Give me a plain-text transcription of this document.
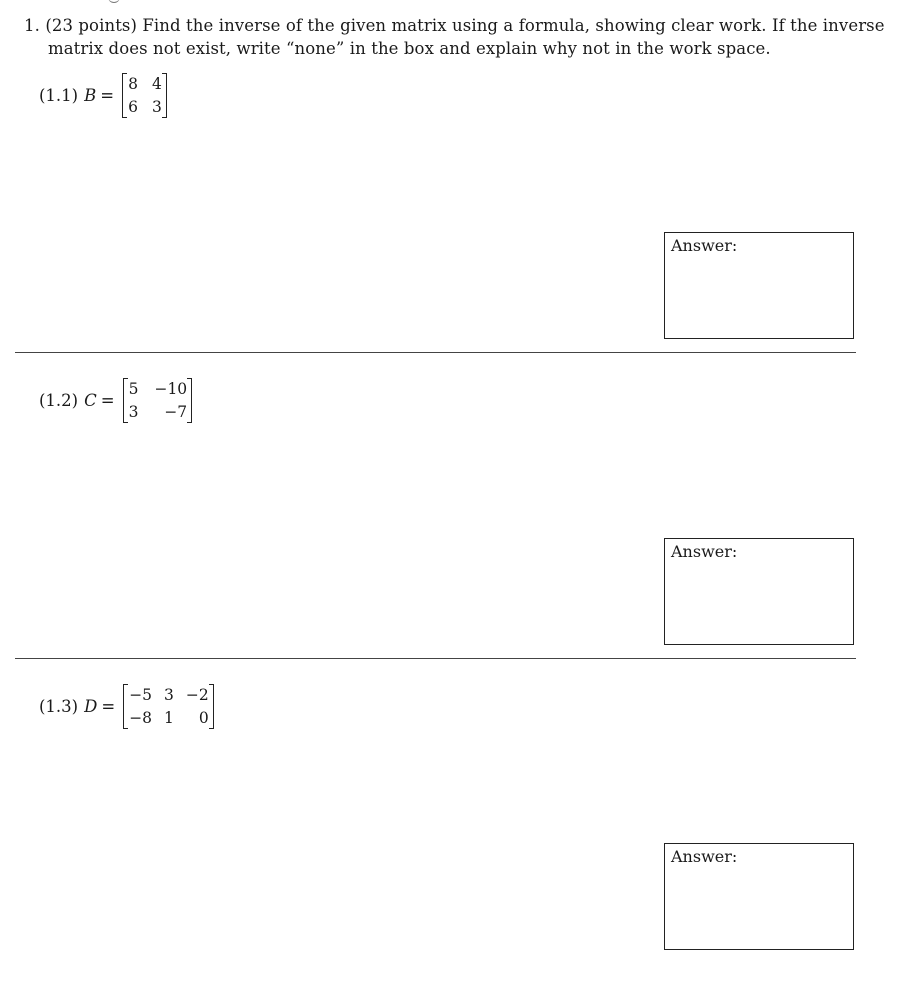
1. (23 points) Find the inverse of the given matrix using a formula, showing clear work. If the inverse
matrix does not exist, write “none” in the box and explain why not in the work space.
(1.1) B =
8 4
6 3
Answer:
(1.2) C =
5 −10
3	−7
Answer:
(1.3) D =
−5 3 −2
−8 1	0
Answer:
